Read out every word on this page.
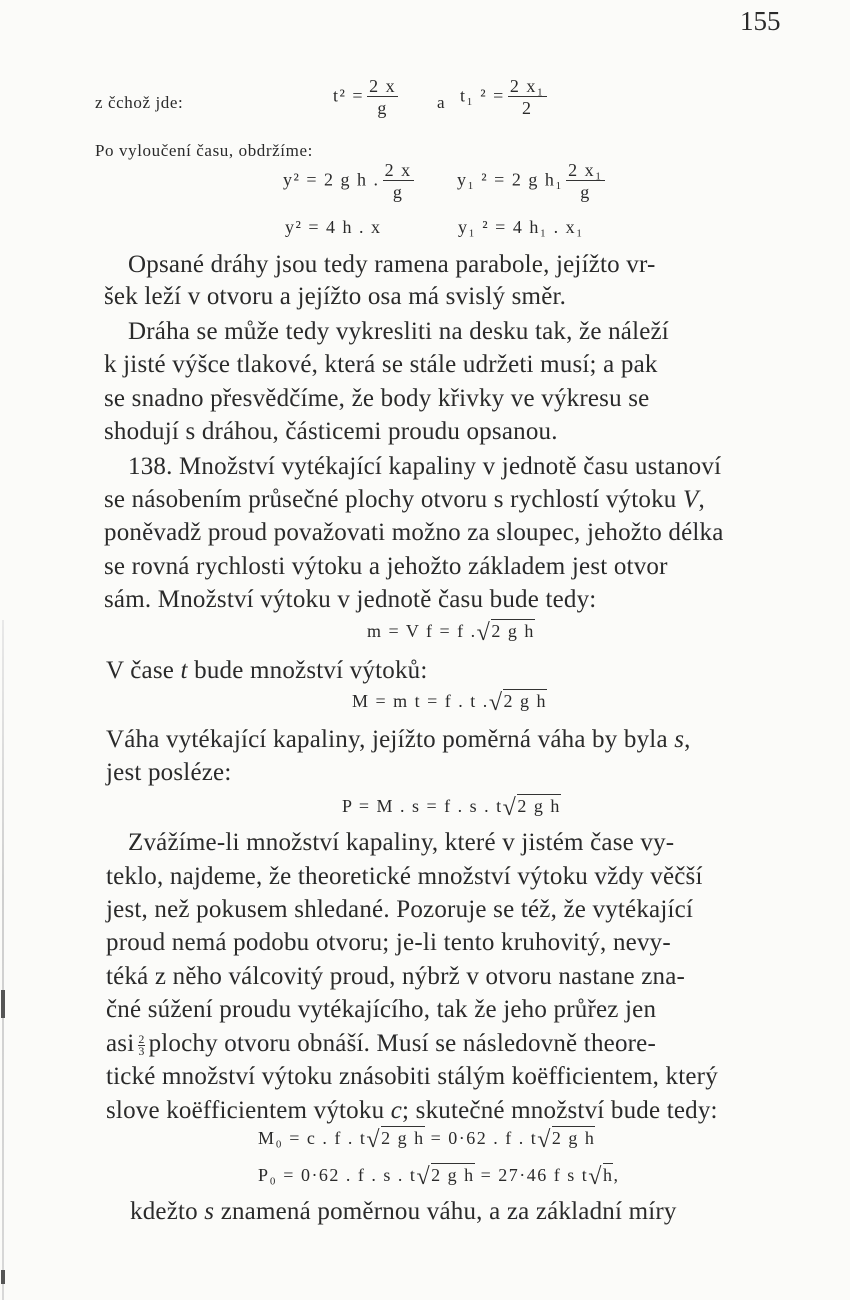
155
z čchož jde:	$t^2 = \frac{2 x}{g}$ a t₁ $^2 = \frac{\text{2 x₁}}{2}$
Po vyloučení času, obdržíme:
y² = 2 g h . $\frac{2 x}{g} y_1$ ² = 2 g $h_1 \frac{\text{2 x₁}}{g}$
y² = 4 h . x	y₁ ² = 4 h₁ . x₁
Opsané dráhy jsou tedy ramena parabole, jejížto vr-
šek leží v otvoru a jejížto osa má svislý směr.
Dráha se může tedy vykresliti na desku tak, že náleží
k jisté výšce tlakové, která se stále udržeti musí; a pak
se snadno přesvědčíme, že body křivky ve výkresu se
shodují s dráhou, částicemi proudu opsanou.
138. Množství vytékající kapaliny v jednotě času ustanoví
se násobením průsečné plochy otvoru s rychlostí výtoku V,
poněvadž proud považovati možno za sloupec, jehožto délka
se rovná rychlosti výtoku a jehožto základem jest otvor
sám. Množství výtoku v jednotě času bude tedy:
m = V f = f .√2 g h
V čase t bude množství výtoků:
M = m t = f . t .√2 g h
Váha vytékající kapaliny, jejížto poměrná váha by byla s,
jest posléze:
P = M . s = f . s . t√2 g h
Zvážíme-li množství kapaliny, které v jistém čase vy-
teklo, najdeme, že theoretické množství výtoku vždy věčší
jest, než pokusem shledané. Pozoruje se též, že vytékající
proud nemá podobu otvoru; je-li tento kruhovitý, nevy-
téká z něho válcovitý proud, nýbrž v otvoru nastane zna-
čné súžení proudu vytékajícího, tak že jeho průřez jen
asi $\frac{2}{3}$ plochy otvoru obnáší. Musí se následovně theore-
tické množství výtoku znásobiti stálým koëfficientem, který
slove koëfficientem výtoku c; skutečné množství bude tedy:
M₀ = c . f . t√2 g h = 0·62 . f . t√2 g h
P₀ = 0·62 . f . s . t√2 g h = 27·46 f s t√h,
kdežto s znamená poměrnou váhu, a za základní míry
